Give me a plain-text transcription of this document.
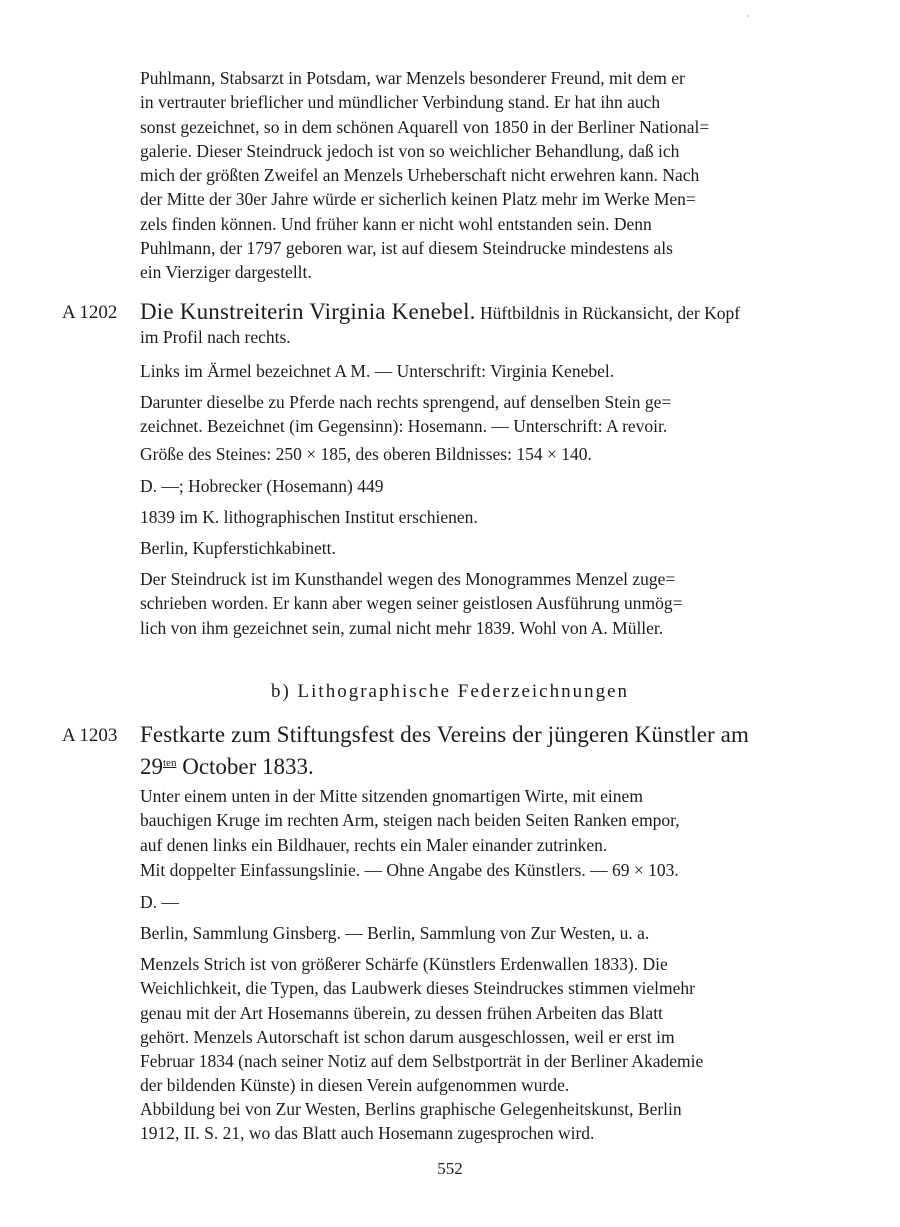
Puhlmann, Stabsarzt in Potsdam, war Menzels besonderer Freund, mit dem er
in vertrauter brieflicher und mündlicher Verbindung stand. Er hat ihn auch
sonst gezeichnet, so in dem schönen Aquarell von 1850 in der Berliner National=
galerie. Dieser Steindruck jedoch ist von so weichlicher Behandlung, daß ich
mich der größten Zweifel an Menzels Urheberschaft nicht erwehren kann. Nach
der Mitte der 30er Jahre würde er sicherlich keinen Platz mehr im Werke Men=
zels finden können. Und früher kann er nicht wohl entstanden sein. Denn
Puhlmann, der 1797 geboren war, ist auf diesem Steindrucke mindestens als
ein Vierziger dargestellt.

A 1202 Die Kunstreiterin Virginia Kenebel. Hüftbildnis in Rückansicht, der Kopf
im Profil nach rechts.

Links im Ärmel bezeichnet A M. — Unterschrift: Virginia Kenebel.

Darunter dieselbe zu Pferde nach rechts sprengend, auf denselben Stein ge=
zeichnet. Bezeichnet (im Gegensinn): Hosemann. — Unterschrift: A revoir.

Größe des Steines: 250 × 185, des oberen Bildnisses: 154 × 140.

D. —; Hobrecker (Hosemann) 449

1839 im K. lithographischen Institut erschienen.

Berlin, Kupferstichkabinett.

Der Steindruck ist im Kunsthandel wegen des Monogrammes Menzel zuge=
schrieben worden. Er kann aber wegen seiner geistlosen Ausführung unmög=
lich von ihm gezeichnet sein, zumal nicht mehr 1839. Wohl von A. Müller.

b) Lithographische Federzeichnungen

A 1203 Festkarte zum Stiftungsfest des Vereins der jüngeren Künstler am
$29^{ten}$ October 1833.

Unter einem unten in der Mitte sitzenden gnomartigen Wirte, mit einem
bauchigen Kruge im rechten Arm, steigen nach beiden Seiten Ranken empor,
auf denen links ein Bildhauer, rechts ein Maler einander zutrinken.

Mit doppelter Einfassungslinie. — Ohne Angabe des Künstlers. — 69 × 103.

D. —

Berlin, Sammlung Ginsberg. — Berlin, Sammlung von Zur Westen, u. a.

Menzels Strich ist von größerer Schärfe (Künstlers Erdenwallen 1833). Die
Weichlichkeit, die Typen, das Laubwerk dieses Steindruckes stimmen vielmehr
genau mit der Art Hosemanns überein, zu dessen frühen Arbeiten das Blatt
gehört. Menzels Autorschaft ist schon darum ausgeschlossen, weil er erst im
Februar 1834 (nach seiner Notiz auf dem Selbstporträt in der Berliner Akademie
der bildenden Künste) in diesen Verein aufgenommen wurde.

Abbildung bei von Zur Westen, Berlins graphische Gelegenheitskunst, Berlin
1912, II. S. 21, wo das Blatt auch Hosemann zugesprochen wird.

552
